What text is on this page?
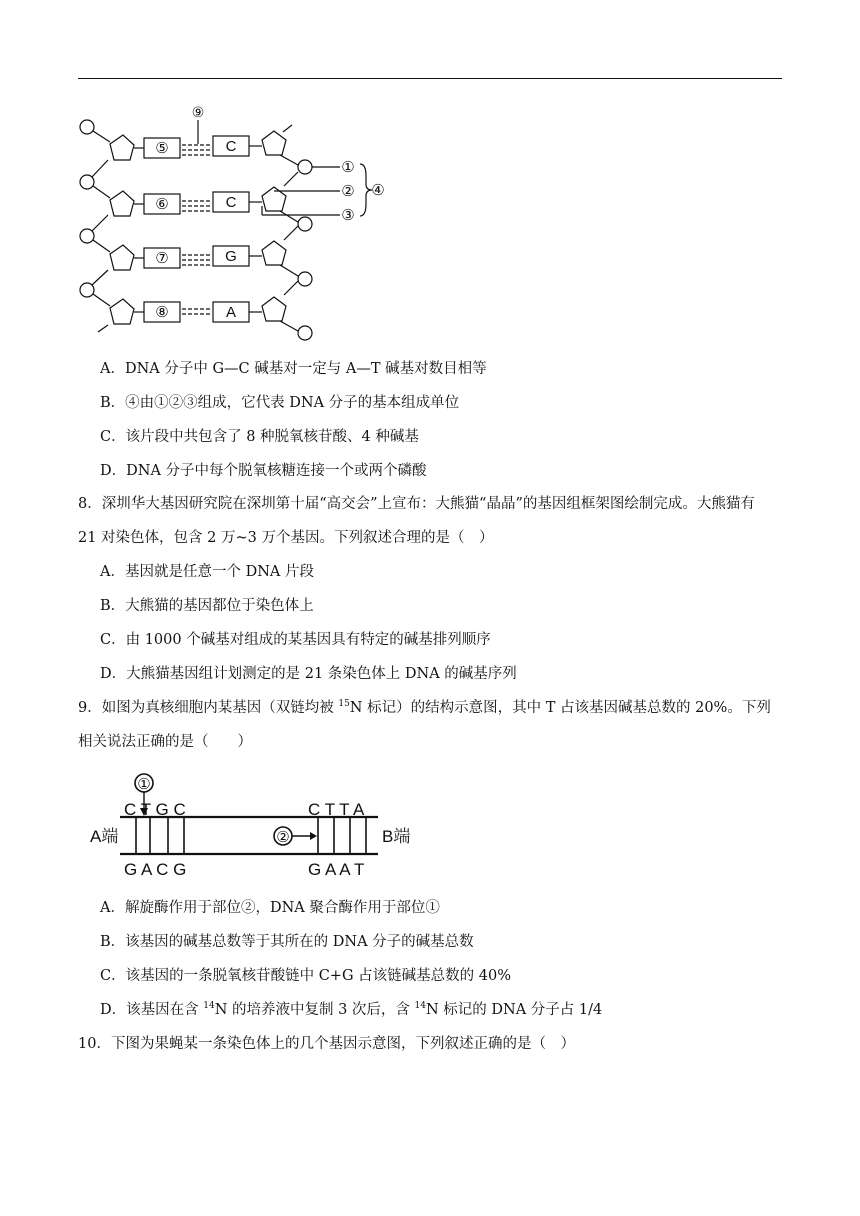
⑤
⑥
⑦
⑧
C
C
G
A
⑨
①
②
③
④
A．DNA 分子中 G—C 碱基对一定与 A—T 碱基对数目相等
B．④由①②③组成，它代表 DNA 分子的基本组成单位
C．该片段中共包含了 8 种脱氧核苷酸、4 种碱基
D．DNA 分子中每个脱氧核糖连接一个或两个磷酸
8．深圳华大基因研究院在深圳第十届“高交会”上宣布：大熊猫“晶晶”的基因组框架图绘制完成。大熊猫有
21 对染色体，包含 2 万~3 万个基因。下列叙述合理的是（　）
A．基因就是任意一个 DNA 片段
B．大熊猫的基因都位于染色体上
C．由 1000 个碱基对组成的某基因具有特定的碱基排列顺序
D．大熊猫基因组计划测定的是 21 条染色体上 DNA 的碱基序列
9．如图为真核细胞内某基因（双链均被 $^{15}$N 标记）的结构示意图，其中 T 占该基因碱基总数的 20%。下列
相关说法正确的是（　　）
①
②
A端	B端
C T G C
G A C G
C T T A
G A A T
A．解旋酶作用于部位②，DNA 聚合酶作用于部位①
B．该基因的碱基总数等于其所在的 DNA 分子的碱基总数
C．该基因的一条脱氧核苷酸链中 C+G 占该链碱基总数的 40%
D．该基因在含 $^{14}$N 的培养液中复制 3 次后，含 $^{14}$N 标记的 DNA 分子占 1/4
10．下图为果蝇某一条染色体上的几个基因示意图，下列叙述正确的是（　）
